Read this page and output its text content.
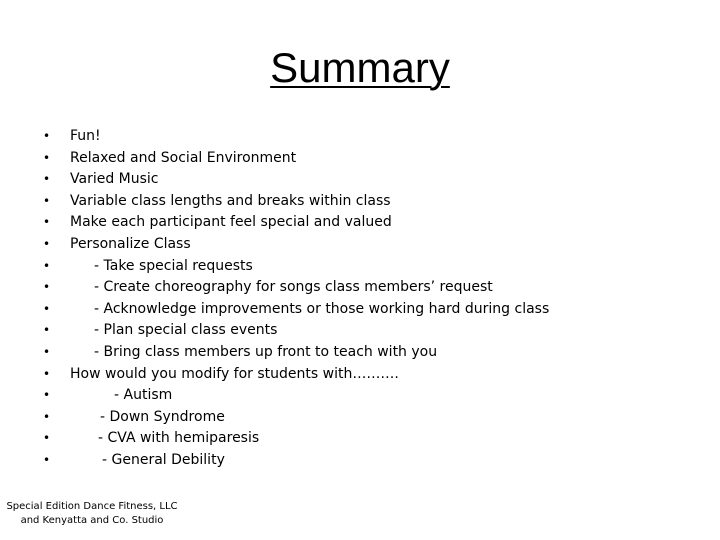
Summary
• Fun!
• Relaxed and Social Environment
• Varied Music
• Variable class lengths and breaks within class
• Make each participant feel special and valued
• Personalize Class
•	- Take special requests
•	- Create choreography for songs class members’ request
•	- Acknowledge improvements or those working hard during class
•	- Plan special class events
•	- Bring class members up front to teach with you
• How would you modify for students with……….
•	- Autism
•	- Down Syndrome
•	- CVA with hemiparesis
•	- General Debility
Special Edition Dance Fitness, LLC
and Kenyatta and Co. Studio
